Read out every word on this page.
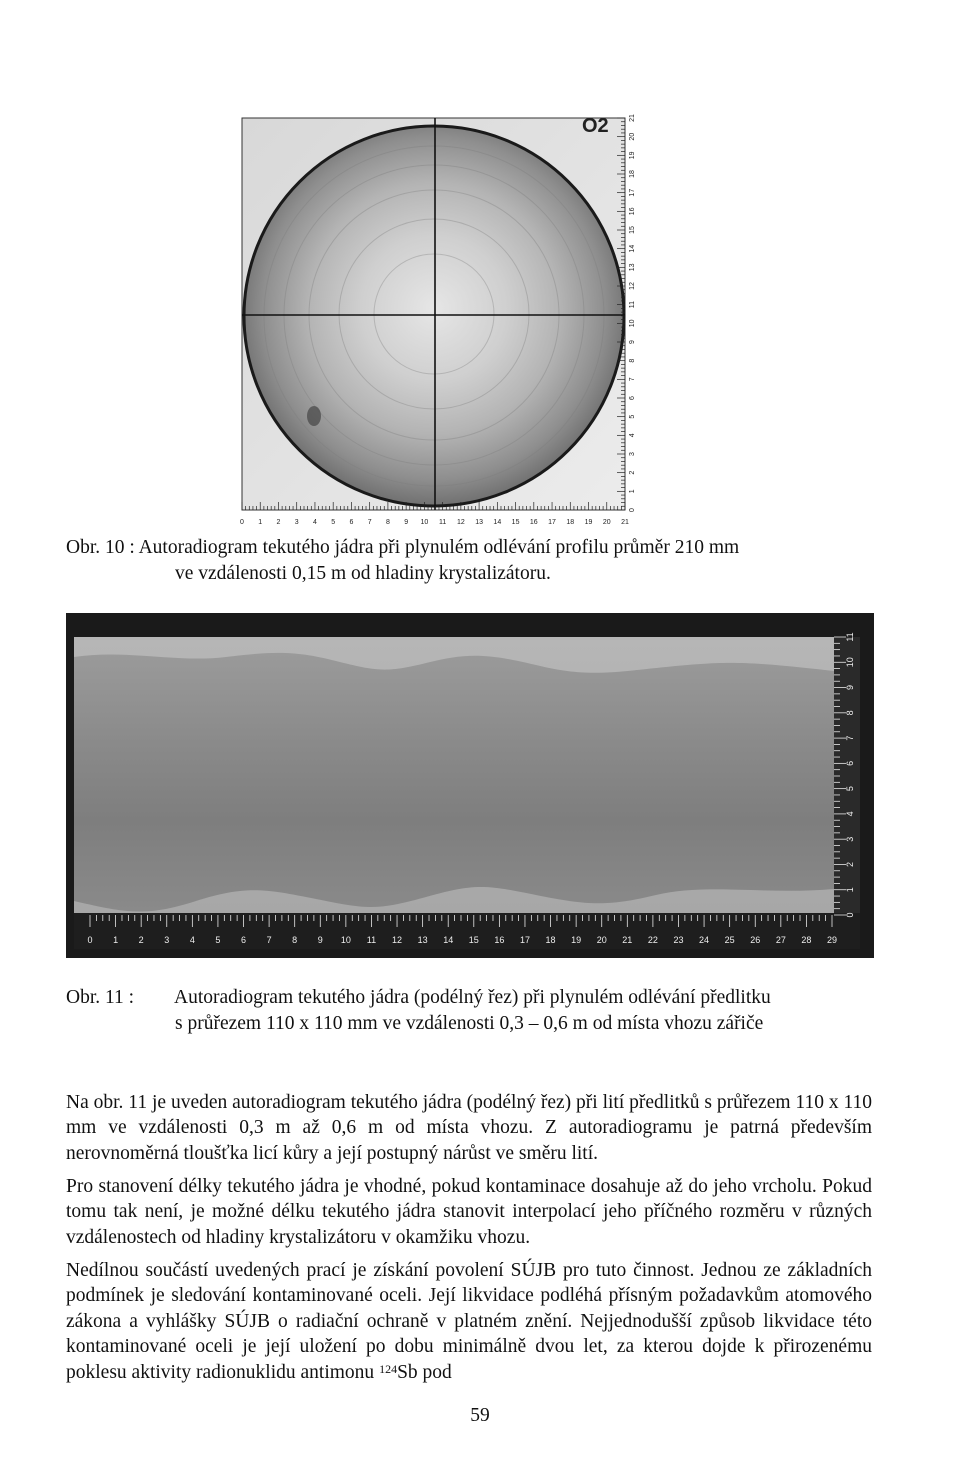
O2
0 1 2 3 4 5 6 7 8 9 10 11 12 13 14 15 16 17 18 19 20 21
0
1
2
3
4
5
6
7
8
9
10
11
12
13
14
15
16
17
18
19
20
21
Obr. 10 : Autoradiogram tekutého jádra při plynulém odlévání profilu průměr 210 mm
ve vzdálenosti 0,15 m od hladiny krystalizátoru.
0 1 2 3 4 5 6 7 8 9 10 11 12 13 14 15 16 17 18 19 20 21 22 23 24 25 26 27 28 29
0
1
2
3
4
5
6
7
8
9
10
11
Obr. 11 : Autoradiogram tekutého jádra (podélný řez) při plynulém odlévání předlitku
s průřezem 110 x 110 mm ve vzdálenosti 0,3 – 0,6 m od místa vhozu zářiče

Na obr. 11 je uveden autoradiogram tekutého jádra (podélný řez) při lití předlitků s průřezem 110 x 110 mm ve vzdálenosti 0,3 m až 0,6 m od místa vhozu. Z autoradiogramu je patrná především nerovnoměrná tloušťka licí kůry a její postupný nárůst ve směru lití.

Pro stanovení délky tekutého jádra je vhodné, pokud kontaminace dosahuje až do jeho vrcholu. Pokud tomu tak není, je možné délku tekutého jádra stanovit interpolací jeho příčného rozměru v různých vzdálenostech od hladiny krystalizátoru v okamžiku vhozu.

Nedílnou součástí uvedených prací je získání povolení SÚJB pro tuto činnost. Jednou ze základních podmínek je sledování kontaminované oceli. Její likvidace podléhá přísným požadavkům atomového zákona a vyhlášky SÚJB o radiační ochraně v platném znění. Nejjednodušší způsob likvidace této kontaminované oceli je její uložení po dobu minimálně dvou let, za kterou dojde k přirozenému poklesu aktivity radionuklidu antimonu $^{124}$Sb pod

59
